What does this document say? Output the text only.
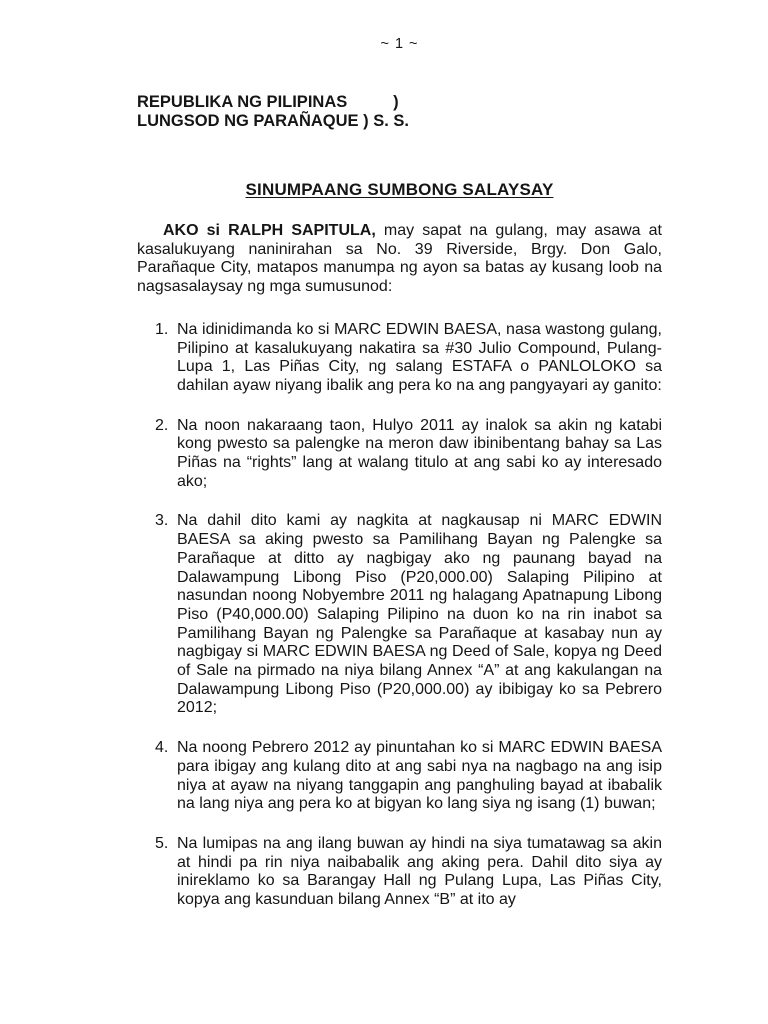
~ 1 ~
REPUBLIKA NG PILIPINAS          )
LUNGSOD NG PARAÑAQUE ) S. S.
SINUMPAANG SUMBONG SALAYSAY

AKO si RALPH SAPITULA, may sapat na gulang, may asawa at kasalukuyang naninirahan sa No. 39 Riverside, Brgy. Don Galo, Parañaque City, matapos manumpa ng ayon sa batas ay kusang loob na nagsasalaysay ng mga sumusunod:

1. Na idinidimanda ko si MARC EDWIN BAESA, nasa wastong gulang, Pilipino at kasalukuyang nakatira sa #30 Julio Compound, Pulang-Lupa 1, Las Piñas City, ng salang ESTAFA o PANLOLOKO sa dahilan ayaw niyang ibalik ang pera ko na ang pangyayari ay ganito:
2. Na noon nakaraang taon, Hulyo 2011 ay inalok sa akin ng katabi kong pwesto sa palengke na meron daw ibinibentang bahay sa Las Piñas na “rights” lang at walang titulo at ang sabi ko ay interesado ako;
3. Na dahil dito kami ay nagkita at nagkausap ni MARC EDWIN BAESA sa aking pwesto sa Pamilihang Bayan ng Palengke sa Parañaque at ditto ay nagbigay ako ng paunang bayad na Dalawampung Libong Piso (P20,000.00) Salaping Pilipino at nasundan noong Nobyembre 2011 ng halagang Apatnapung Libong Piso (P40,000.00) Salaping Pilipino na duon ko na rin inabot sa Pamilihang Bayan ng Palengke sa Parañaque at kasabay nun ay nagbigay si MARC EDWIN BAESA ng Deed of Sale, kopya ng Deed of Sale na pirmado na niya bilang Annex “A” at ang kakulangan na Dalawampung Libong Piso (P20,000.00) ay ibibigay ko sa Pebrero 2012;
4. Na noong Pebrero 2012 ay pinuntahan ko si MARC EDWIN BAESA para ibigay ang kulang dito at ang sabi nya na nagbago na ang isip niya at ayaw na niyang tanggapin ang panghuling bayad at ibabalik na lang niya ang pera ko at bigyan ko lang siya ng isang (1) buwan;
5. Na lumipas na ang ilang buwan ay hindi na siya tumatawag sa akin at hindi pa rin niya naibabalik ang aking pera. Dahil dito siya ay inireklamo ko sa Barangay Hall ng Pulang Lupa, Las Piñas City, kopya ang kasunduan bilang Annex “B” at ito ay
